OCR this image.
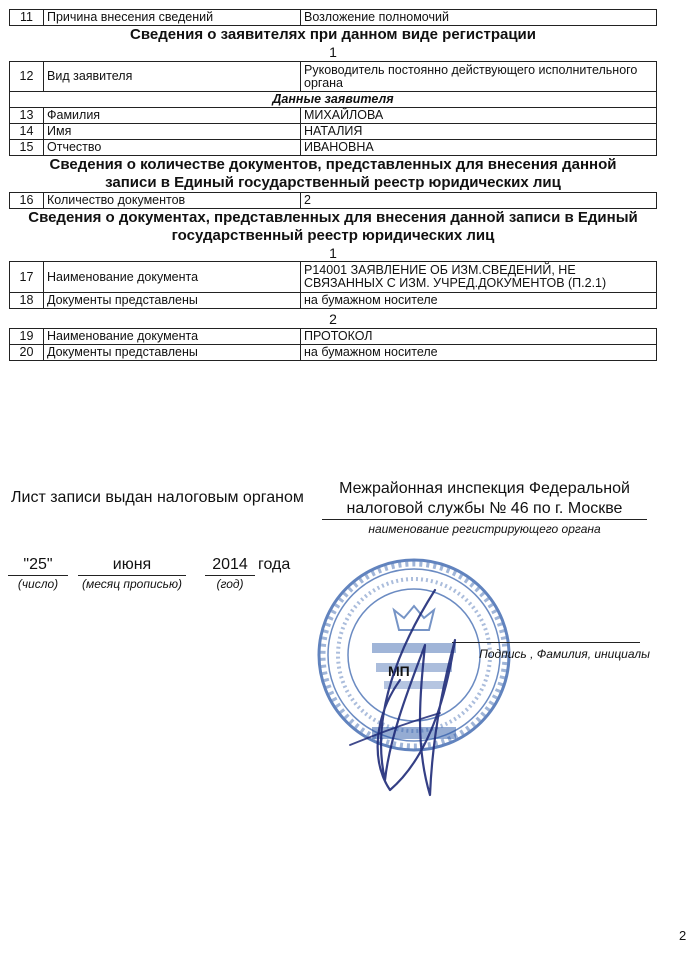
11	Причина внесения сведений	Возложение полномочий
Сведения о заявителях при данном виде регистрации
1
12	Вид заявителя	Руководитель постоянно действующего исполнительного органа
Данные заявителя		
13	Фамилия	МИХАЙЛОВА
14	Имя	НАТАЛИЯ
15	Отчество	ИВАНОВНА
Сведения о количестве документов, представленных для внесения данной
записи в Единый государственный реестр юридических лиц
16	Количество документов	2
Сведения о документах, представленных для внесения данной записи в Единый
государственный реестр юридических лиц
1
17	Наименование документа	Р14001 ЗАЯВЛЕНИЕ ОБ ИЗМ.СВЕДЕНИЙ, НЕ СВЯЗАННЫХ С ИЗМ. УЧРЕД.ДОКУМЕНТОВ (П.2.1)
18	Документы представлены	на бумажном носителе
2
19	Наименование документа	ПРОТОКОЛ
20	Документы представлены	на бумажном носителе
Лист записи выдан налоговым органом
Межрайонная инспекция Федеральной
налоговой службы № 46 по г. Москве
наименование регистрирующего органа
"25"
(число)
июня
(месяц прописью)
2014
(год)
года
Подпись , Фамилия, инициалы
МП
2
